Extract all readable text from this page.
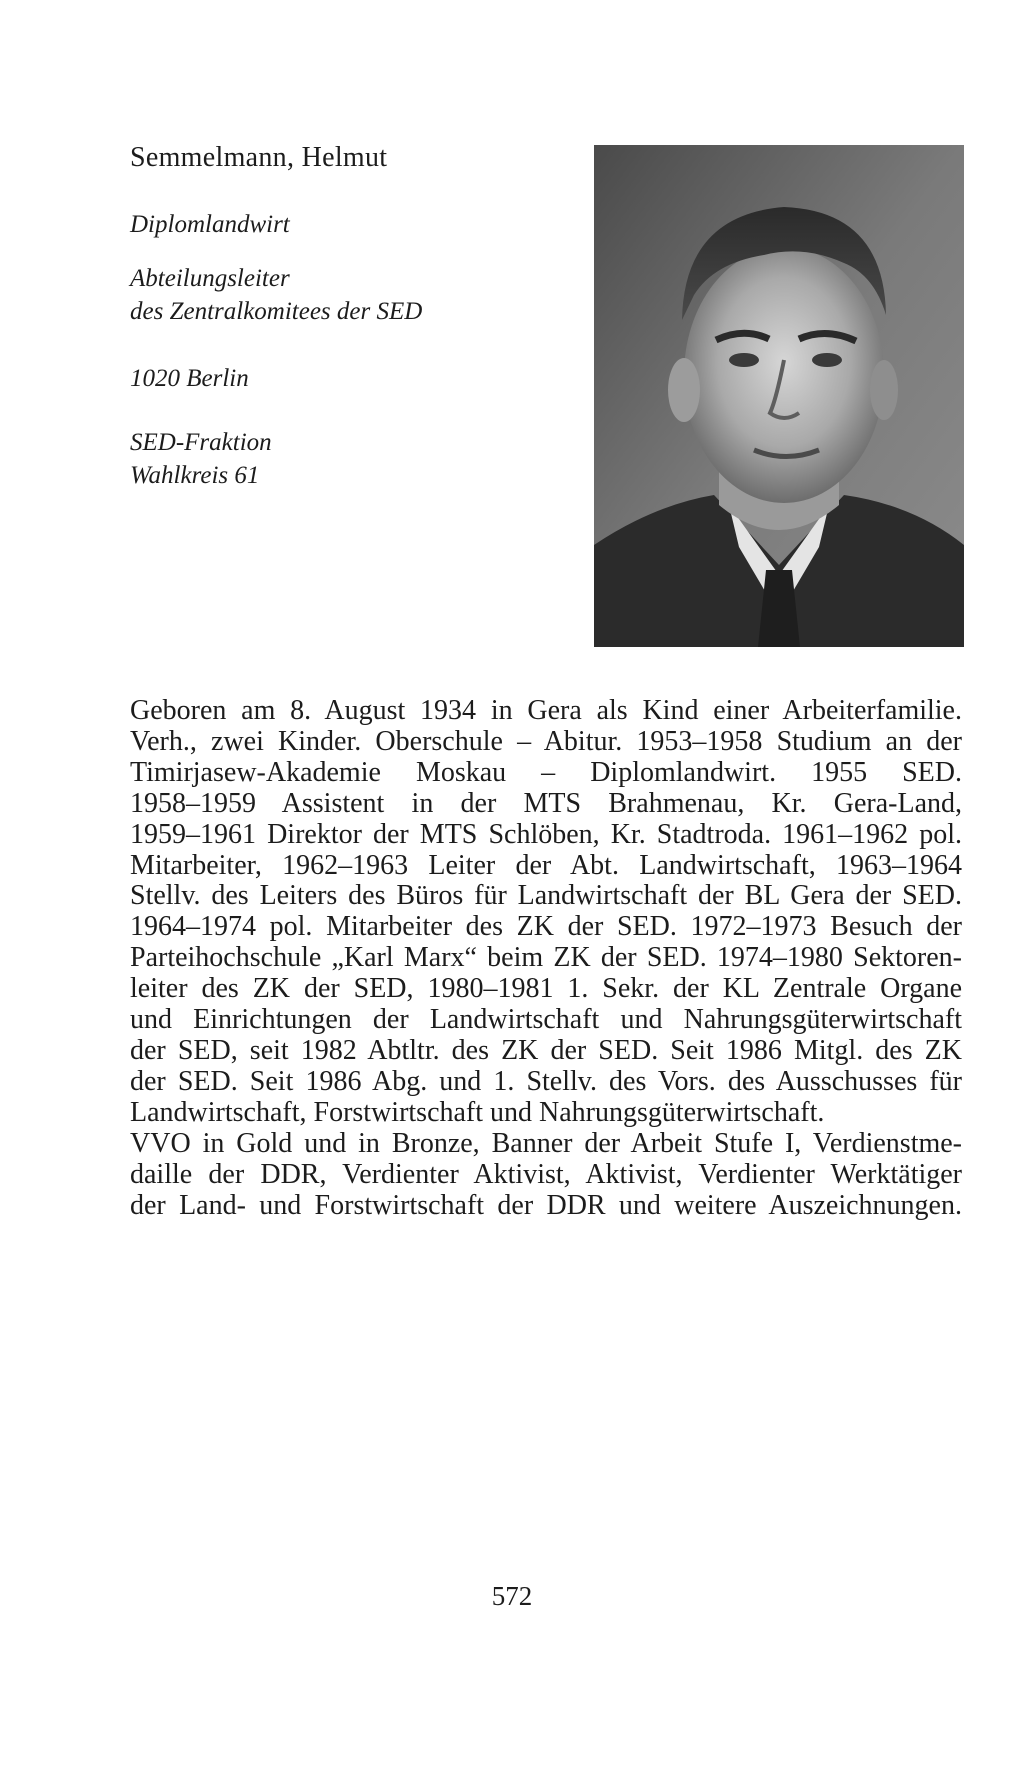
Semmelmann, Helmut
Diplomlandwirt
Abteilungsleiter
des Zentralkomitees der SED
1020 Berlin
SED-Fraktion
Wahlkreis 61
Geboren am 8. August 1934 in Gera als Kind einer Arbeiterfamilie.
Verh., zwei Kinder. Oberschule – Abitur. 1953–1958 Studium an der
Timirjasew-Akademie Moskau – Diplomlandwirt. 1955 SED.
1958–1959 Assistent in der MTS Brahmenau, Kr. Gera-Land,
1959–1961 Direktor der MTS Schlöben, Kr. Stadtroda. 1961–1962 pol.
Mitarbeiter, 1962–1963 Leiter der Abt. Landwirtschaft, 1963–1964
Stellv. des Leiters des Büros für Landwirtschaft der BL Gera der SED.
1964–1974 pol. Mitarbeiter des ZK der SED. 1972–1973 Besuch der
Parteihochschule „Karl Marx“ beim ZK der SED. 1974–1980 Sektoren-
leiter des ZK der SED, 1980–1981 1. Sekr. der KL Zentrale Organe
und Einrichtungen der Landwirtschaft und Nahrungsgüterwirtschaft
der SED, seit 1982 Abtltr. des ZK der SED. Seit 1986 Mitgl. des ZK
der SED. Seit 1986 Abg. und 1. Stellv. des Vors. des Ausschusses für
Landwirtschaft, Forstwirtschaft und Nahrungsgüterwirtschaft.
VVO in Gold und in Bronze, Banner der Arbeit Stufe I, Verdienstme-
daille der DDR, Verdienter Aktivist, Aktivist, Verdienter Werktätiger
der Land- und Forstwirtschaft der DDR und weitere Auszeichnungen.
572
